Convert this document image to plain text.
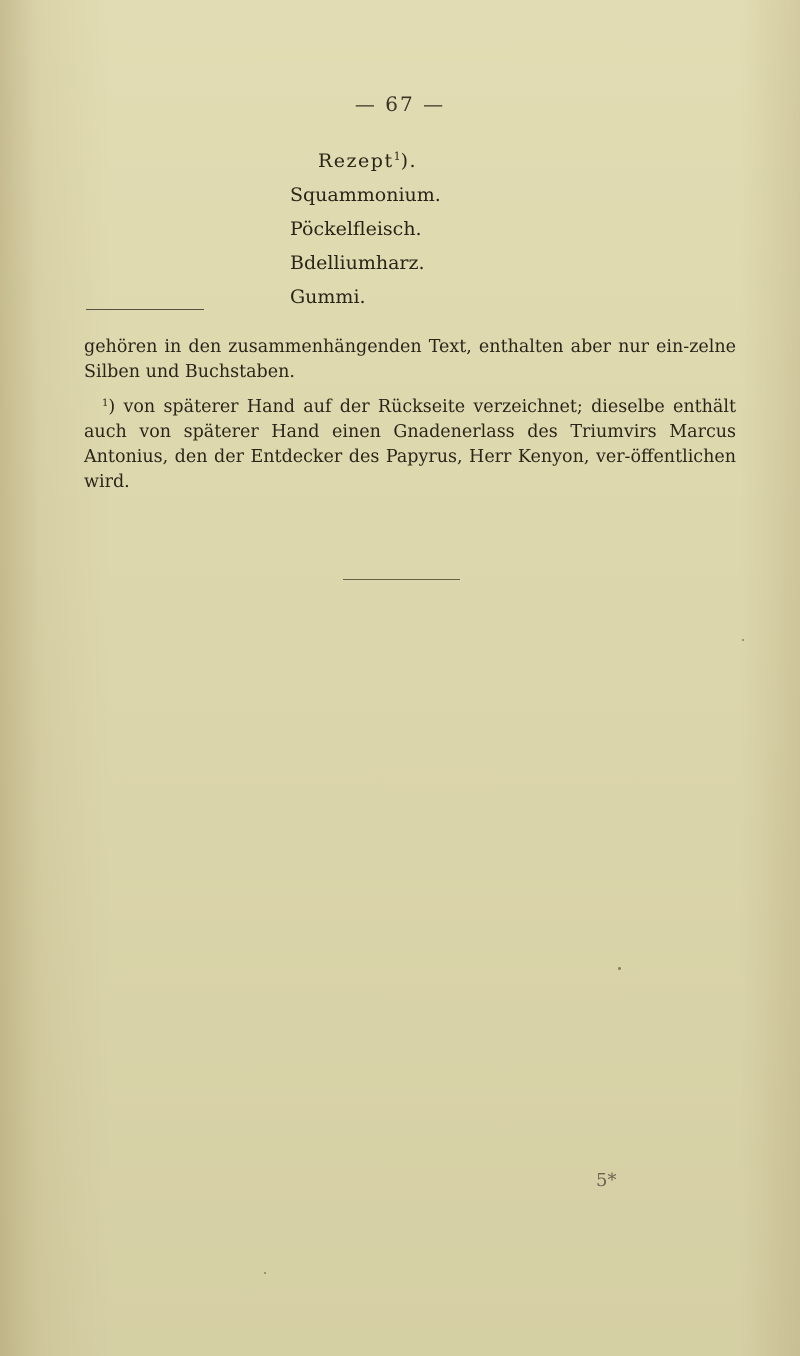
— 67 —
Rezept$^1$).
Squammonium.
Pöckelfleisch.
Bdelliumharz.
Gummi.

gehören in den zusammenhängenden Text, enthalten aber nur ein-zelne Silben und Buchstaben.

$^1$) von späterer Hand auf der Rückseite verzeichnet; dieselbe enthält auch von späterer Hand einen Gnadenerlass des Triumvirs Marcus Antonius, den der Entdecker des Papyrus, Herr Kenyon, ver-öffentlichen wird.

5*
